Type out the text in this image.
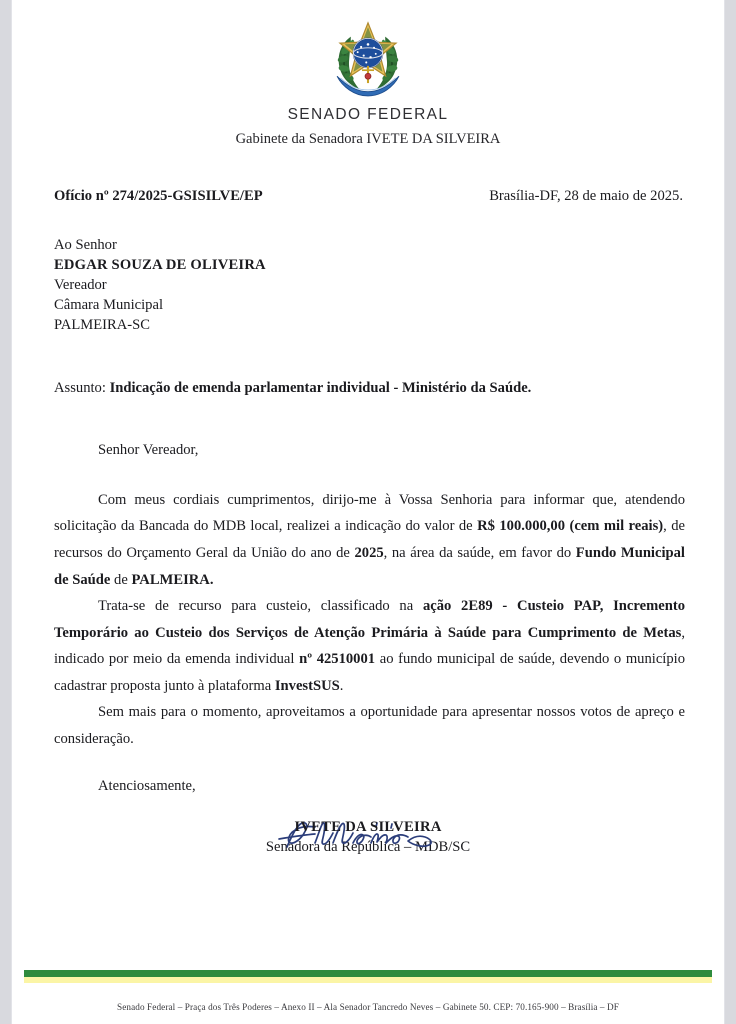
SENADO FEDERAL
Gabinete da Senadora IVETE DA SILVEIRA
Ofício nº 274/2025-GSISILVE/EP	Brasília-DF, 28 de maio de 2025.
Ao Senhor
EDGAR SOUZA DE OLIVEIRA
Vereador
Câmara Municipal
PALMEIRA-SC
Assunto: Indicação de emenda parlamentar individual - Ministério da Saúde.
Senhor Vereador,

Com meus cordiais cumprimentos, dirijo-me à Vossa Senhoria para informar que, atendendo solicitação da Bancada do MDB local, realizei a indicação do valor de R$ 100.000,00 (cem mil reais), de recursos do Orçamento Geral da União do ano de 2025, na área da saúde, em favor do Fundo Municipal de Saúde de PALMEIRA.

Trata-se de recurso para custeio, classificado na ação 2E89 - Custeio PAP, Incremento Temporário ao Custeio dos Serviços de Atenção Primária à Saúde para Cumprimento de Metas, indicado por meio da emenda individual nº 42510001 ao fundo municipal de saúde, devendo o município cadastrar proposta junto à plataforma InvestSUS.

Sem mais para o momento, aproveitamos a oportunidade para apresentar nossos votos de apreço e consideração.

Atenciosamente,
IVETE DA SILVEIRA
Senadora da República – MDB/SC
Senado Federal – Praça dos Três Poderes – Anexo II – Ala Senador Tancredo Neves – Gabinete 50. CEP: 70.165-900 – Brasília – DF
